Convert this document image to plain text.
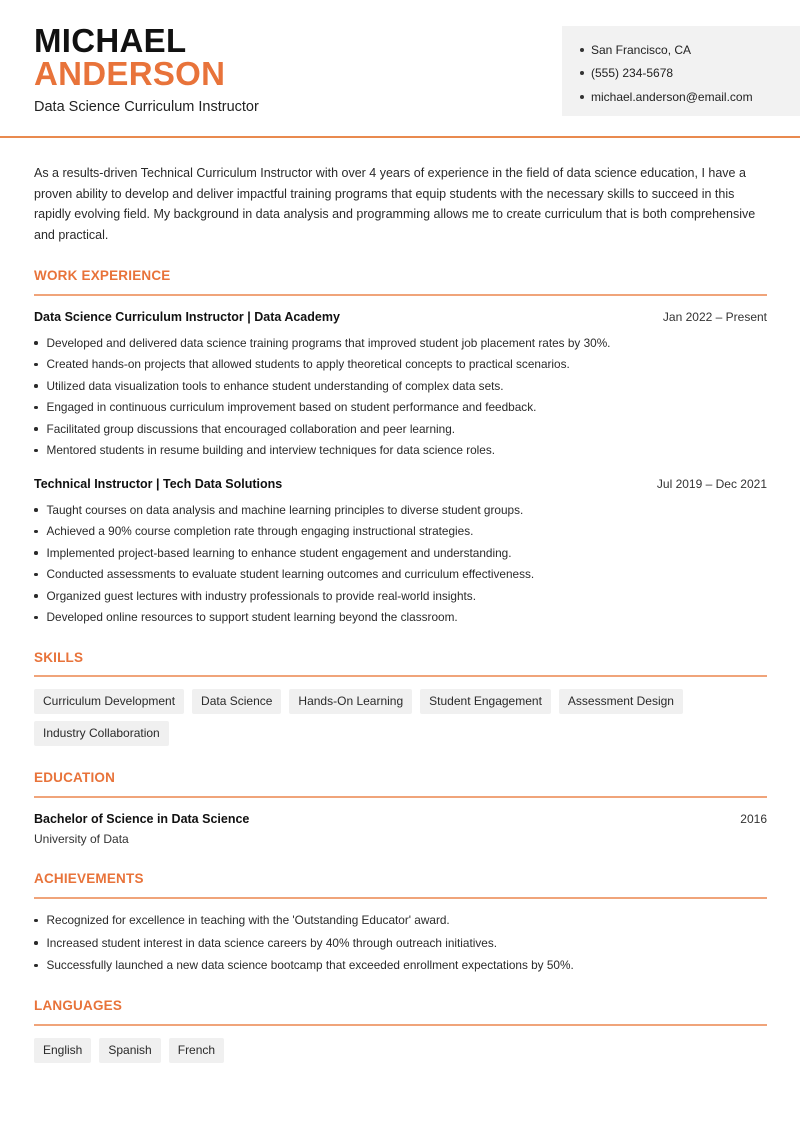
MICHAEL
ANDERSON
Data Science Curriculum Instructor
San Francisco, CA
(555) 234-5678
michael.anderson@email.com
As a results-driven Technical Curriculum Instructor with over 4 years of experience in the field of data science education, I have a proven ability to develop and deliver impactful training programs that equip students with the necessary skills to succeed in this rapidly evolving field. My background in data analysis and programming allows me to create curriculum that is both comprehensive and practical.
WORK EXPERIENCE
Data Science Curriculum Instructor | Data Academy	Jan 2022 – Present
Developed and delivered data science training programs that improved student job placement rates by 30%.
Created hands-on projects that allowed students to apply theoretical concepts to practical scenarios.
Utilized data visualization tools to enhance student understanding of complex data sets.
Engaged in continuous curriculum improvement based on student performance and feedback.
Facilitated group discussions that encouraged collaboration and peer learning.
Mentored students in resume building and interview techniques for data science roles.
Technical Instructor | Tech Data Solutions	Jul 2019 – Dec 2021
Taught courses on data analysis and machine learning principles to diverse student groups.
Achieved a 90% course completion rate through engaging instructional strategies.
Implemented project-based learning to enhance student engagement and understanding.
Conducted assessments to evaluate student learning outcomes and curriculum effectiveness.
Organized guest lectures with industry professionals to provide real-world insights.
Developed online resources to support student learning beyond the classroom.
SKILLS
Curriculum Development	Data Science	Hands-On Learning	Student Engagement	Assessment Design
Industry Collaboration
EDUCATION
Bachelor of Science in Data Science	2016
University of Data
ACHIEVEMENTS
Recognized for excellence in teaching with the 'Outstanding Educator' award.
Increased student interest in data science careers by 40% through outreach initiatives.
Successfully launched a new data science bootcamp that exceeded enrollment expectations by 50%.
LANGUAGES
English	Spanish	French
